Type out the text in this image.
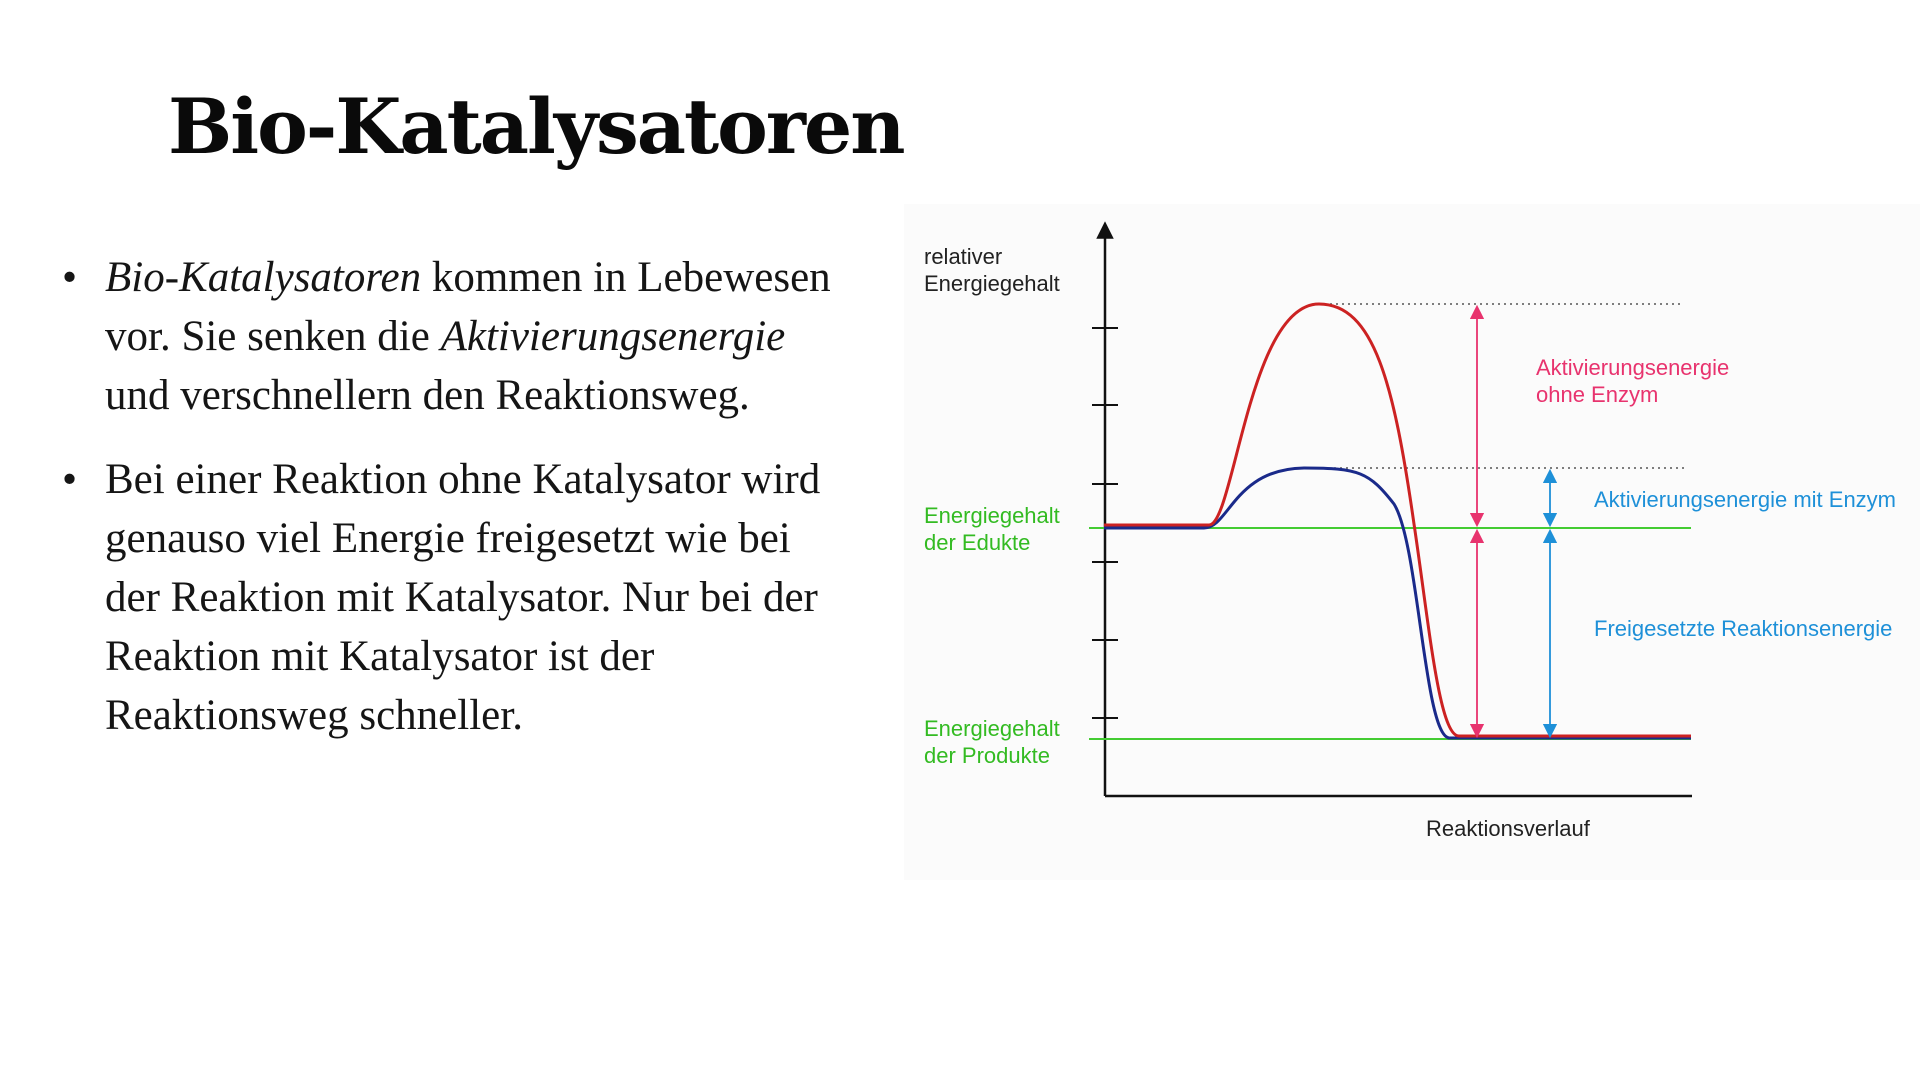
Bio-Katalysatoren
• Bio-Katalysatoren kommen in Lebewesen vor. Sie senken die Aktivierungsenergie und verschnellern den Reaktionsweg.
• Bei einer Reaktion ohne Katalysator wird genauso viel Energie freigesetzt wie bei der Reaktion mit Katalysator. Nur bei der Reaktion mit Katalysator ist der Reaktionsweg schneller.
relativer Energiegehalt
Energiegehalt der Edukte
Energiegehalt der Produkte
Aktivierungsenergie ohne Enzym
Aktivierungsenergie mit Enzym
Freigesetzte Reaktionsenergie
Reaktionsverlauf
